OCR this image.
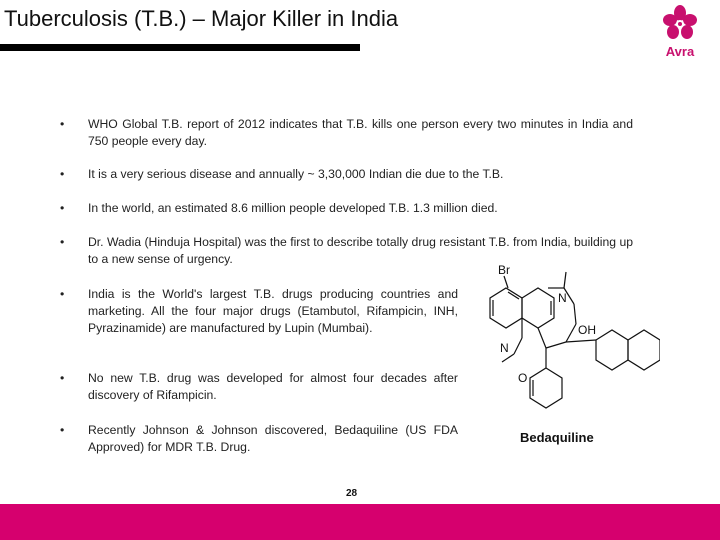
Tuberculosis (T.B.) – Major Killer in India
Avra
•	WHO Global T.B. report of 2012 indicates that T.B. kills one person every two minutes in India and 750 people every day.
•	It is a very serious disease and annually ~ 3,30,000 Indian die due to the T.B.
•	In the world, an estimated 8.6 million people developed T.B. 1.3 million died.
•	Dr. Wadia (Hinduja Hospital) was the first to describe totally drug resistant T.B. from India, building up to a new sense of urgency.
•	India is the World's largest T.B. drugs producing countries and marketing. All the four major drugs (Etambutol, Rifampicin, INH, Pyrazinamide) are manufactured by Lupin (Mumbai).
•	No new T.B. drug was developed for almost four decades after discovery of Rifampicin.
•	Recently Johnson & Johnson discovered, Bedaquiline (US FDA Approved) for MDR T.B. Drug.
Br
N
N
OH
O
Bedaquiline
28
